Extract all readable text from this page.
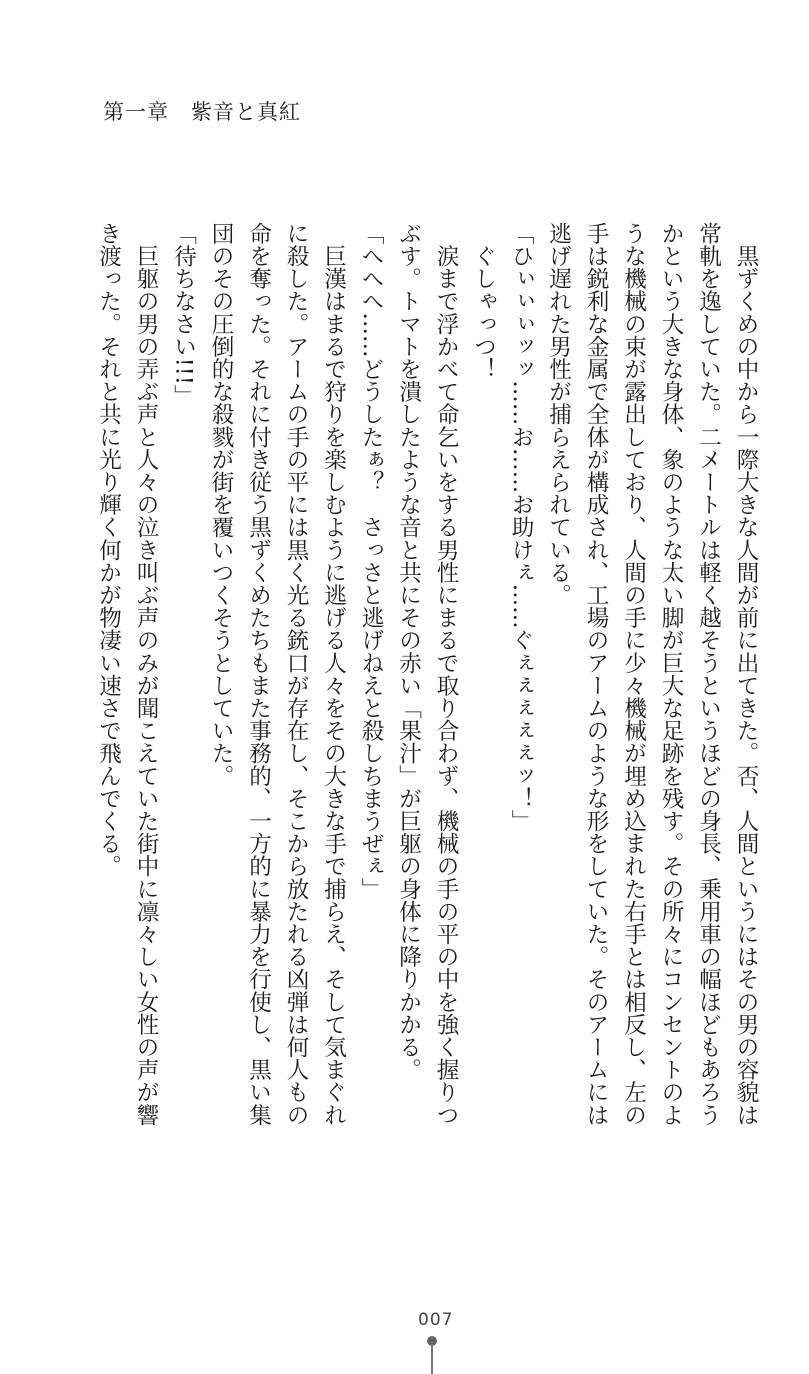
第一章　紫音と真紅

　黒ずくめの中から一際大きな人間が前に出てきた。否、人間というにはその男の容貌は

常軌を逸していた。二メートルは軽く越そうというほどの身長、乗用車の幅ほどもあろう

かという大きな身体、象のような太い脚が巨大な足跡を残す。その所々にコンセントのよ

うな機械の束が露出しており、人間の手に少々機械が埋め込まれた右手とは相反し、左の

手は鋭利な金属で全体が構成され、工場のアームのような形をしていた。そのアームには

逃げ遅れた男性が捕らえられている。

「ひぃぃぃッッ……お……お助けぇ……ぐぇぇぇぇぇッ！」

　ぐしゃっつ！

　涙まで浮かべて命乞いをする男性にまるで取り合わず、機械の手の平の中を強く握りつ

ぶす。トマトを潰したような音と共にその赤い「果汁」が巨躯の身体に降りかかる。

「へへへ……どうしたぁ？　さっさと逃げねえと殺しちまうぜぇ」

　巨漢はまるで狩りを楽しむように逃げる人々をその大きな手で捕らえ、そして気まぐれ

に殺した。アームの手の平には黒く光る銃口が存在し、そこから放たれる凶弾は何人もの

命を奪った。それに付き従う黒ずくめたちもまた事務的、一方的に暴力を行使し、黒い集

団のその圧倒的な殺戮が街を覆いつくそうとしていた。

「待ちなさい!!!」

　巨躯の男の弄ぶ声と人々の泣き叫ぶ声のみが聞こえていた街中に凛々しい女性の声が響

き渡った。それと共に光り輝く何かが物凄い速さで飛んでくる。

007
